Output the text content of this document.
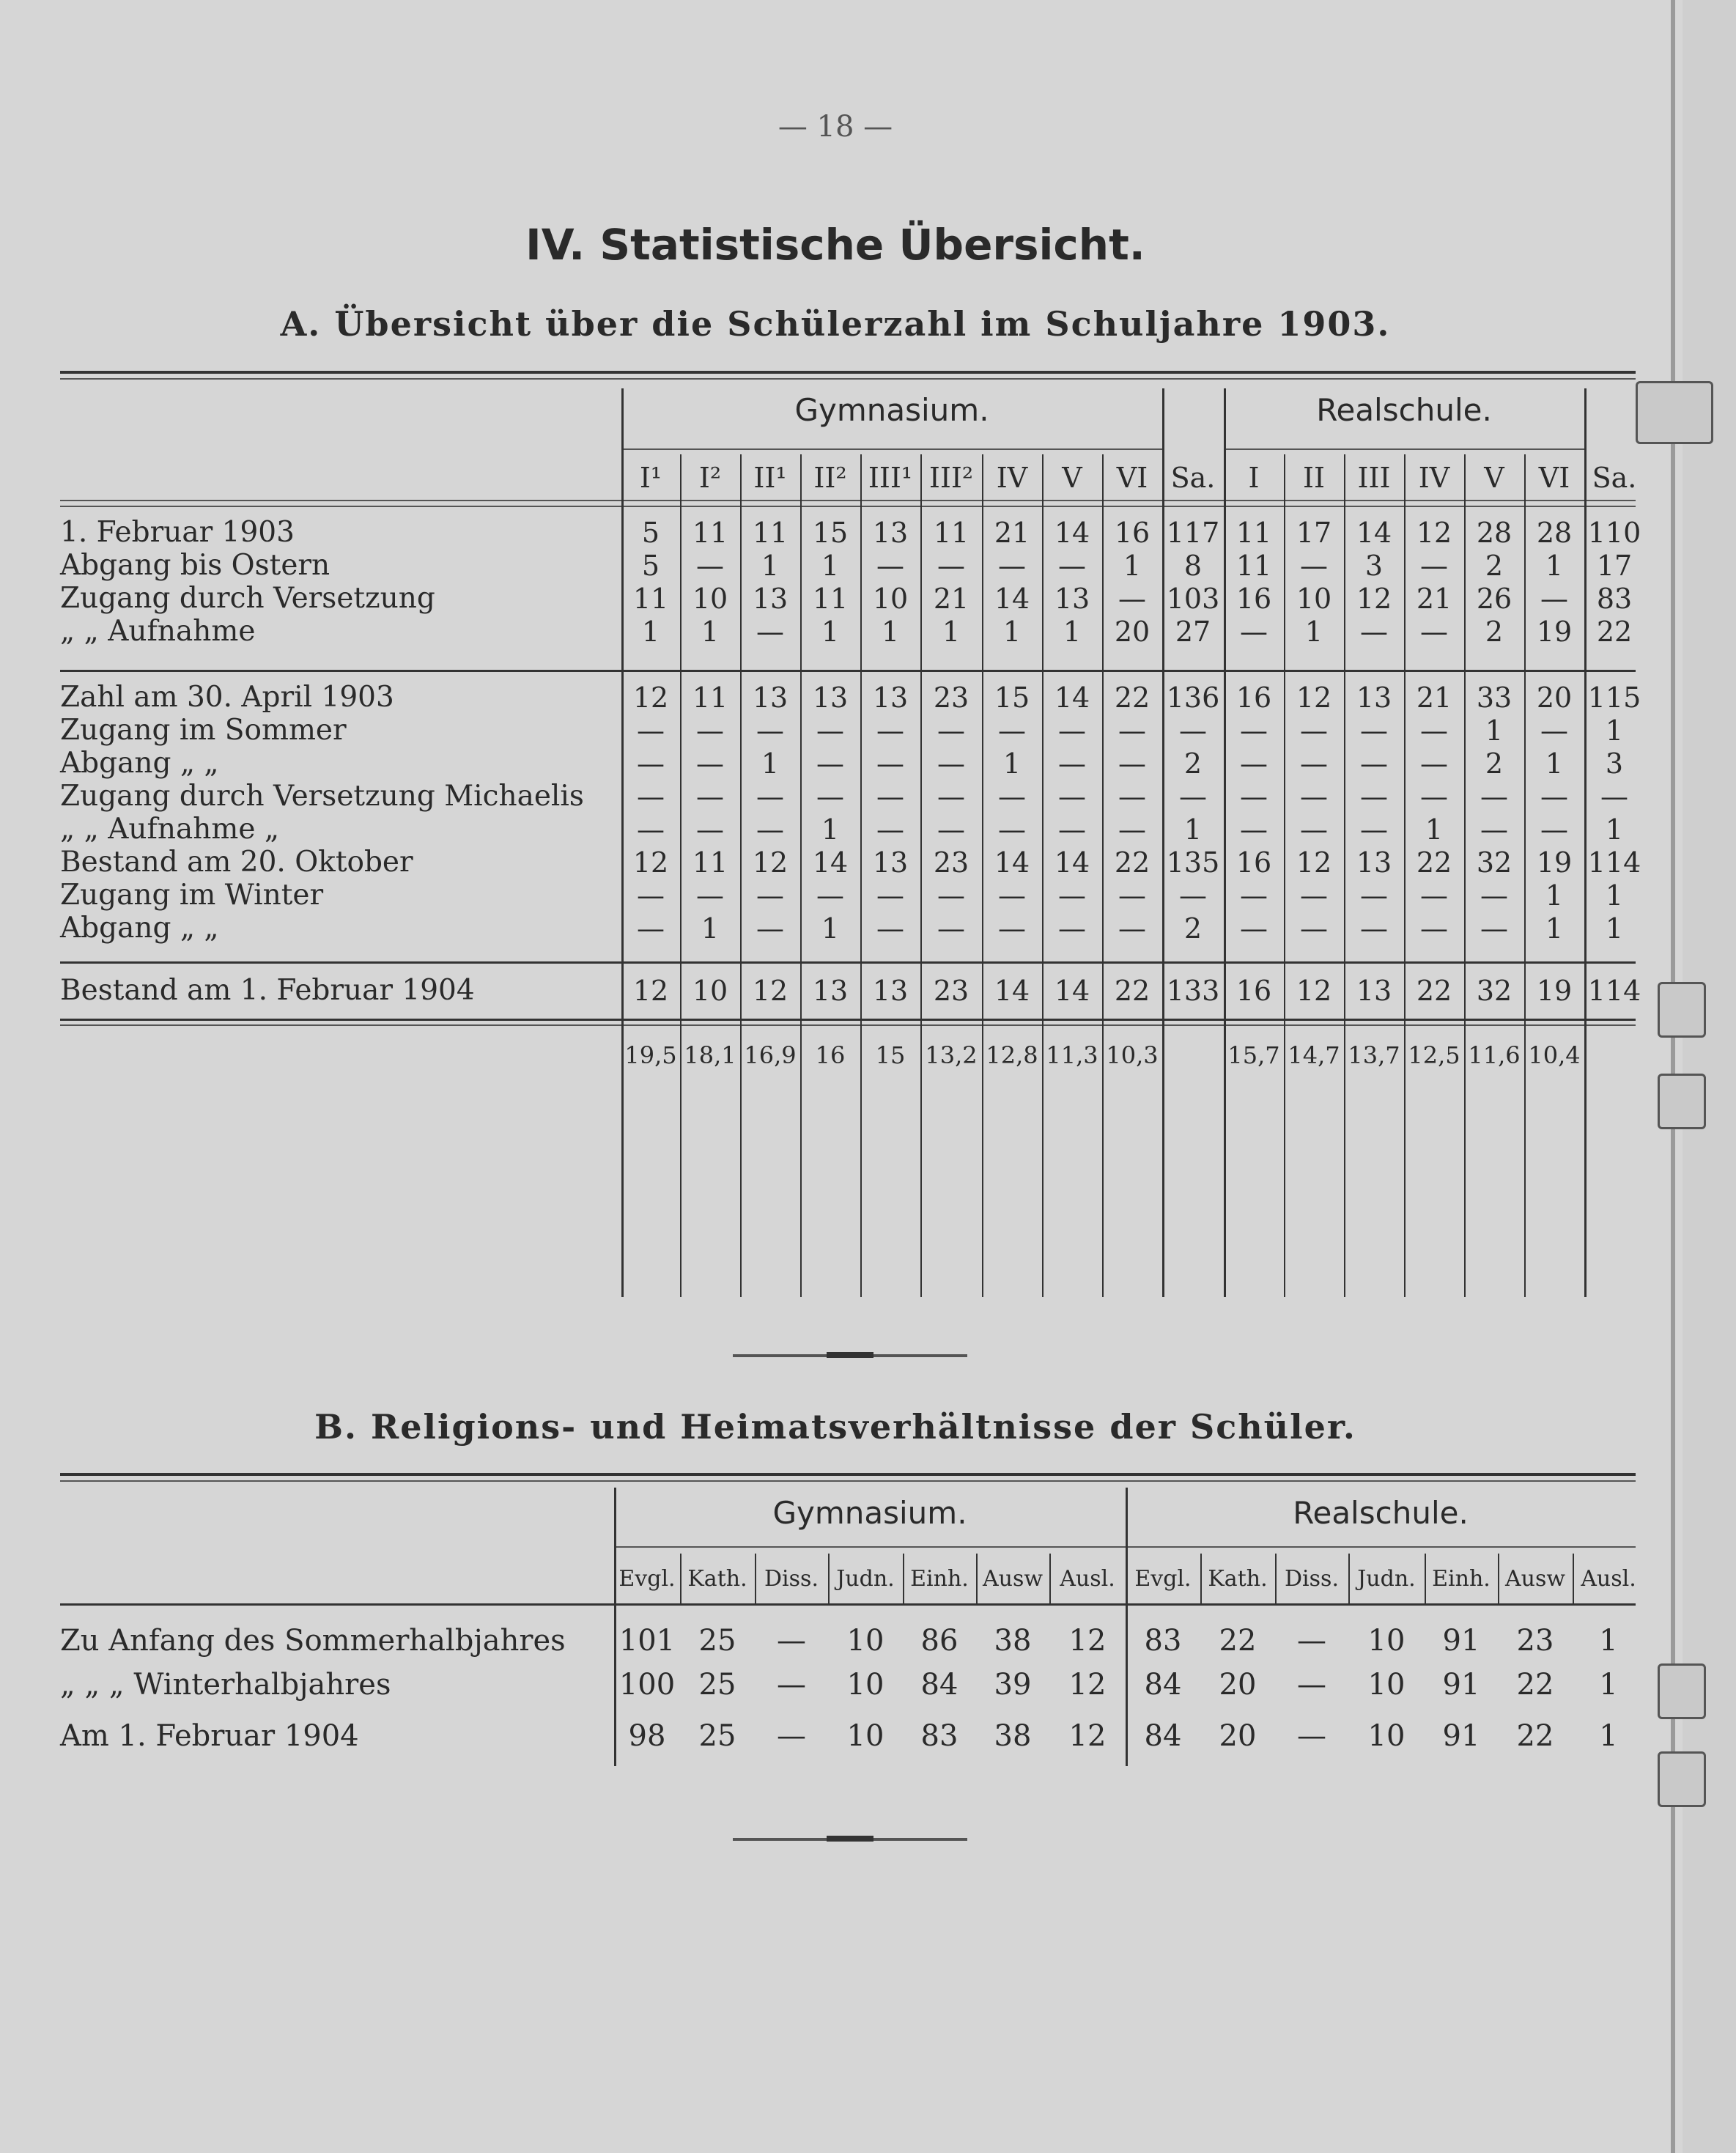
— 18 —
IV. Statistische Übersicht.
A. Übersicht über die Schülerzahl im Schuljahre 1903.
Gymnasium.	Realschule.
I¹	I²	II¹ II² III¹ III² IV	V	VI Sa.	I	II	III	IV	V	VI Sa.
1. Februar 1903	5	11 11 15 13 11 21 14 16 117 11 17 14 12 28 28 110
Abgang bis Ostern	5	—	1	1	—	—	—	—	1	8	11	—	3	—	2	1	17
Zugang durch Versetzung	11 10 13 11 10 21 14 13	— 103 16 10 12 21 26	—	83
„ „ Aufnahme	1	1	—	1	1	1	1	1	20 27	—	1	—	—	2	19 22
Zahl am 30. April 1903	12 11 13 13 13 23 15 14 22 136 16 12 13 21 33 20 115
Zugang im Sommer	—	—	—	—	—	—	—	—	—	—	—	—	—	—	1	—	1
Abgang „ „	—	—	1	—	—	—	1	—	—	2	—	—	—	—	2	1	3
Zugang durch Versetzung Michaelis	—	—	—	—	—	—	—	—	—	—	—	—	—	—	—	—	—
„ „ Aufnahme „	—	—	—	1	—	—	—	—	—	1	—	—	—	1	—	—	1
Bestand am 20. Oktober	12 11 12 14 13 23 14 14 22 135 16 12 13 22 32 19 114
Zugang im Winter	—	—	—	—	—	—	—	—	—	—	—	—	—	—	—	1	1
Abgang „ „	—	1	—	1	—	—	—	—	—	2	—	—	—	—	—	1	1
Bestand am 1. Februar 1904	12 10 12 13 13 23 14 14 22 133 16 12 13 22 32 19 114
19,5 18,1 16,9 16	15 13,2 12,8 11,3 10,3	15,7 14,7 13,7 12,5 11,6 10,4
B. Religions- und Heimatsverhältnisse der Schüler.
Gymnasium.	Realschule.
Evgl. Kath. Diss. Judn. Einh. Ausw Ausl. Evgl. Kath. Diss. Judn. Einh. Ausw Ausl.
Zu Anfang des Sommerhalbjahres 101 25	—	10	86	38	12	83	22	—	10	91	23	1
„ „ „ Winterhalbjahres	100 25	—	10	84	39	12	84	20	—	10	91	22	1
Am 1. Februar 1904	98	25	—	10	83	38	12	84	20	—	10	91	22	1
